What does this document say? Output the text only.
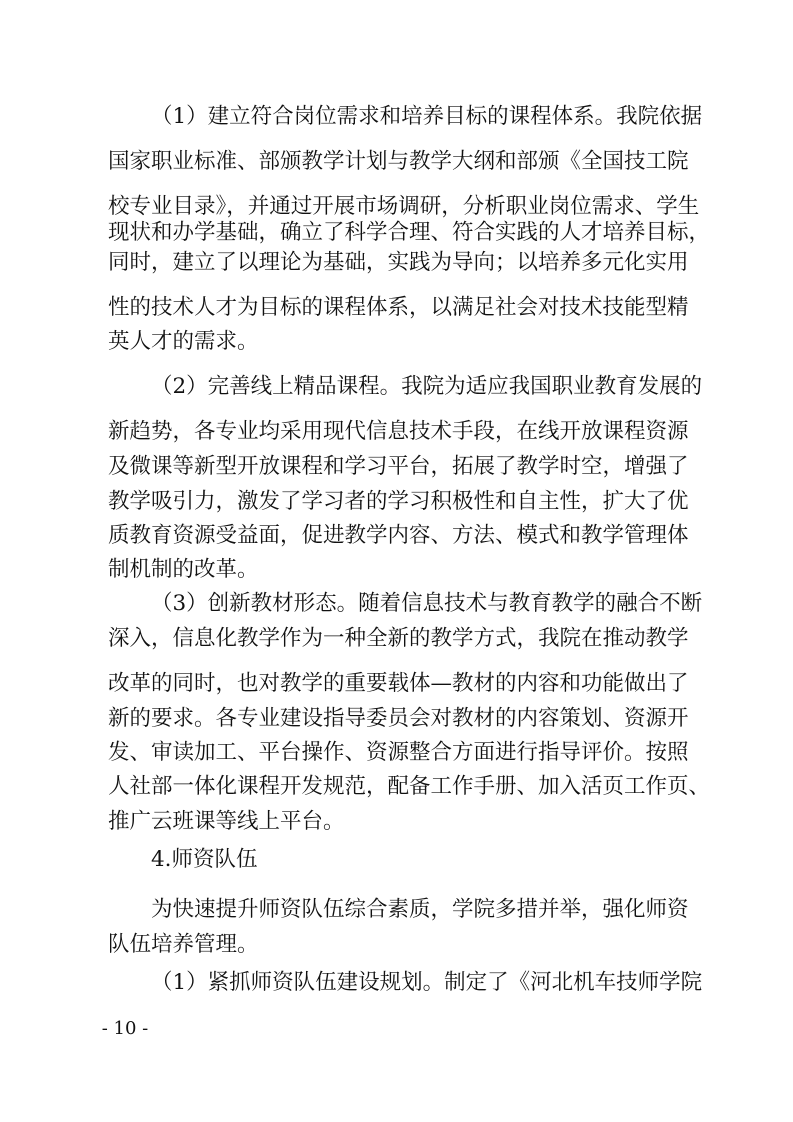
（1）建立符合岗位需求和培养目标的课程体系。我院依据
国家职业标准、部颁教学计划与教学大纲和部颁《全国技工院
校专业目录》，并通过开展市场调研，分析职业岗位需求、学生
现状和办学基础，确立了科学合理、符合实践的人才培养目标，
同时，建立了以理论为基础，实践为导向；以培养多元化实用
性的技术人才为目标的课程体系，以满足社会对技术技能型精
英人才的需求。
（2）完善线上精品课程。我院为适应我国职业教育发展的
新趋势，各专业均采用现代信息技术手段，在线开放课程资源
及微课等新型开放课程和学习平台，拓展了教学时空，增强了
教学吸引力，激发了学习者的学习积极性和自主性，扩大了优
质教育资源受益面，促进教学内容、方法、模式和教学管理体
制机制的改革。
（3）创新教材形态。随着信息技术与教育教学的融合不断
深入，信息化教学作为一种全新的教学方式，我院在推动教学
改革的同时，也对教学的重要载体—教材的内容和功能做出了
新的要求。各专业建设指导委员会对教材的内容策划、资源开
发、审读加工、平台操作、资源整合方面进行指导评价。按照
人社部一体化课程开发规范，配备工作手册、加入活页工作页、
推广云班课等线上平台。
4.师资队伍
为快速提升师资队伍综合素质，学院多措并举，强化师资
队伍培养管理。
（1）紧抓师资队伍建设规划。制定了《河北机车技师学院
- 10 -
